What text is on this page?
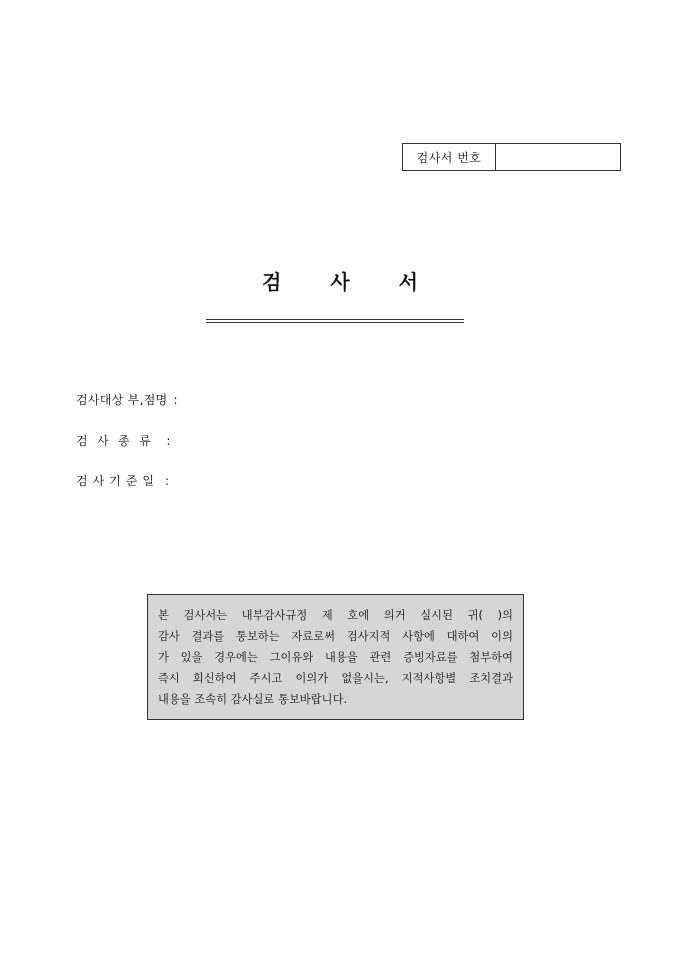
검사서 번호
검 사 서
검사대상 부,점명 :
검사종류 :
검사기준일 :

본 검사서는 내부감사규정 제 호에 의거 실시된 귀( )의

감사 결과를 통보하는 자료로써 검사지적 사항에 대하여 이의

가 있을 경우에는 그이유와 내용을 관련 증빙자료를 첨부하여

즉시 회신하여 주시고 이의가 없을시는, 지적사항별 조치결과

내용을 조속히 감사실로 통보바랍니다.
